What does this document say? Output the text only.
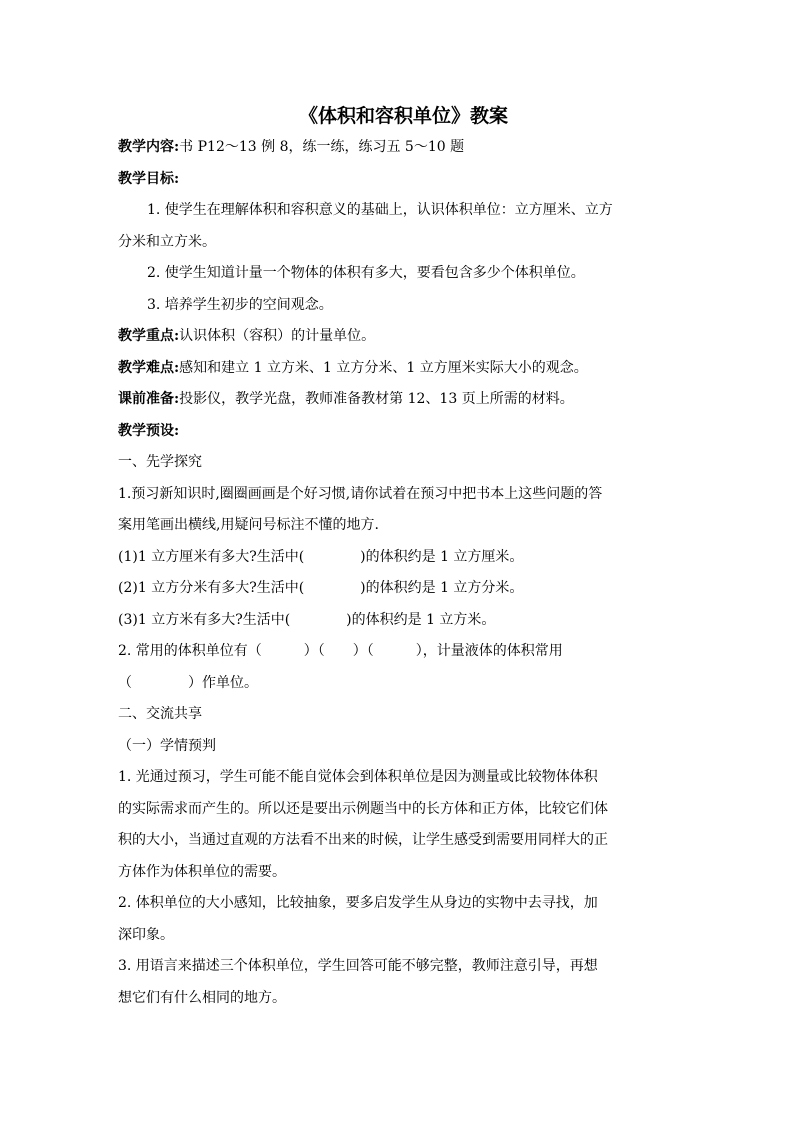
《体积和容积单位》教案
教学内容:书 P12～13 例 8，练一练，练习五 5～10 题
教学目标:
1. 使学生在理解体积和容积意义的基础上，认识体积单位：立方厘米、立方
分米和立方米。
2. 使学生知道计量一个物体的体积有多大，要看包含多少个体积单位。
3. 培养学生初步的空间观念。
教学重点:认识体积（容积）的计量单位。
教学难点:感知和建立 1 立方米、1 立方分米、1 立方厘米实际大小的观念。
课前准备:投影仪，教学光盘，教师准备教材第 12、13 页上所需的材料。
教学预设:
一、先学探究
1.预习新知识时,圈圈画画是个好习惯,请你试着在预习中把书本上这些问题的答
案用笔画出横线,用疑问号标注不懂的地方.
(1)1 立方厘米有多大?生活中(　　　　)的体积约是 1 立方厘米。
(2)1 立方分米有多大?生活中(　　　　)的体积约是 1 立方分米。
(3)1 立方米有多大?生活中(　　　　)的体积约是 1 立方米。
2. 常用的体积单位有（　　　）（　　）（　　　），计量液体的体积常用
（　　　　）作单位。
二、交流共享
（一）学情预判
1. 光通过预习，学生可能不能自觉体会到体积单位是因为测量或比较物体体积
的实际需求而产生的。所以还是要出示例题当中的长方体和正方体，比较它们体
积的大小，当通过直观的方法看不出来的时候，让学生感受到需要用同样大的正
方体作为体积单位的需要。
2. 体积单位的大小感知，比较抽象，要多启发学生从身边的实物中去寻找，加
深印象。
3. 用语言来描述三个体积单位，学生回答可能不够完整，教师注意引导，再想
想它们有什么相同的地方。
